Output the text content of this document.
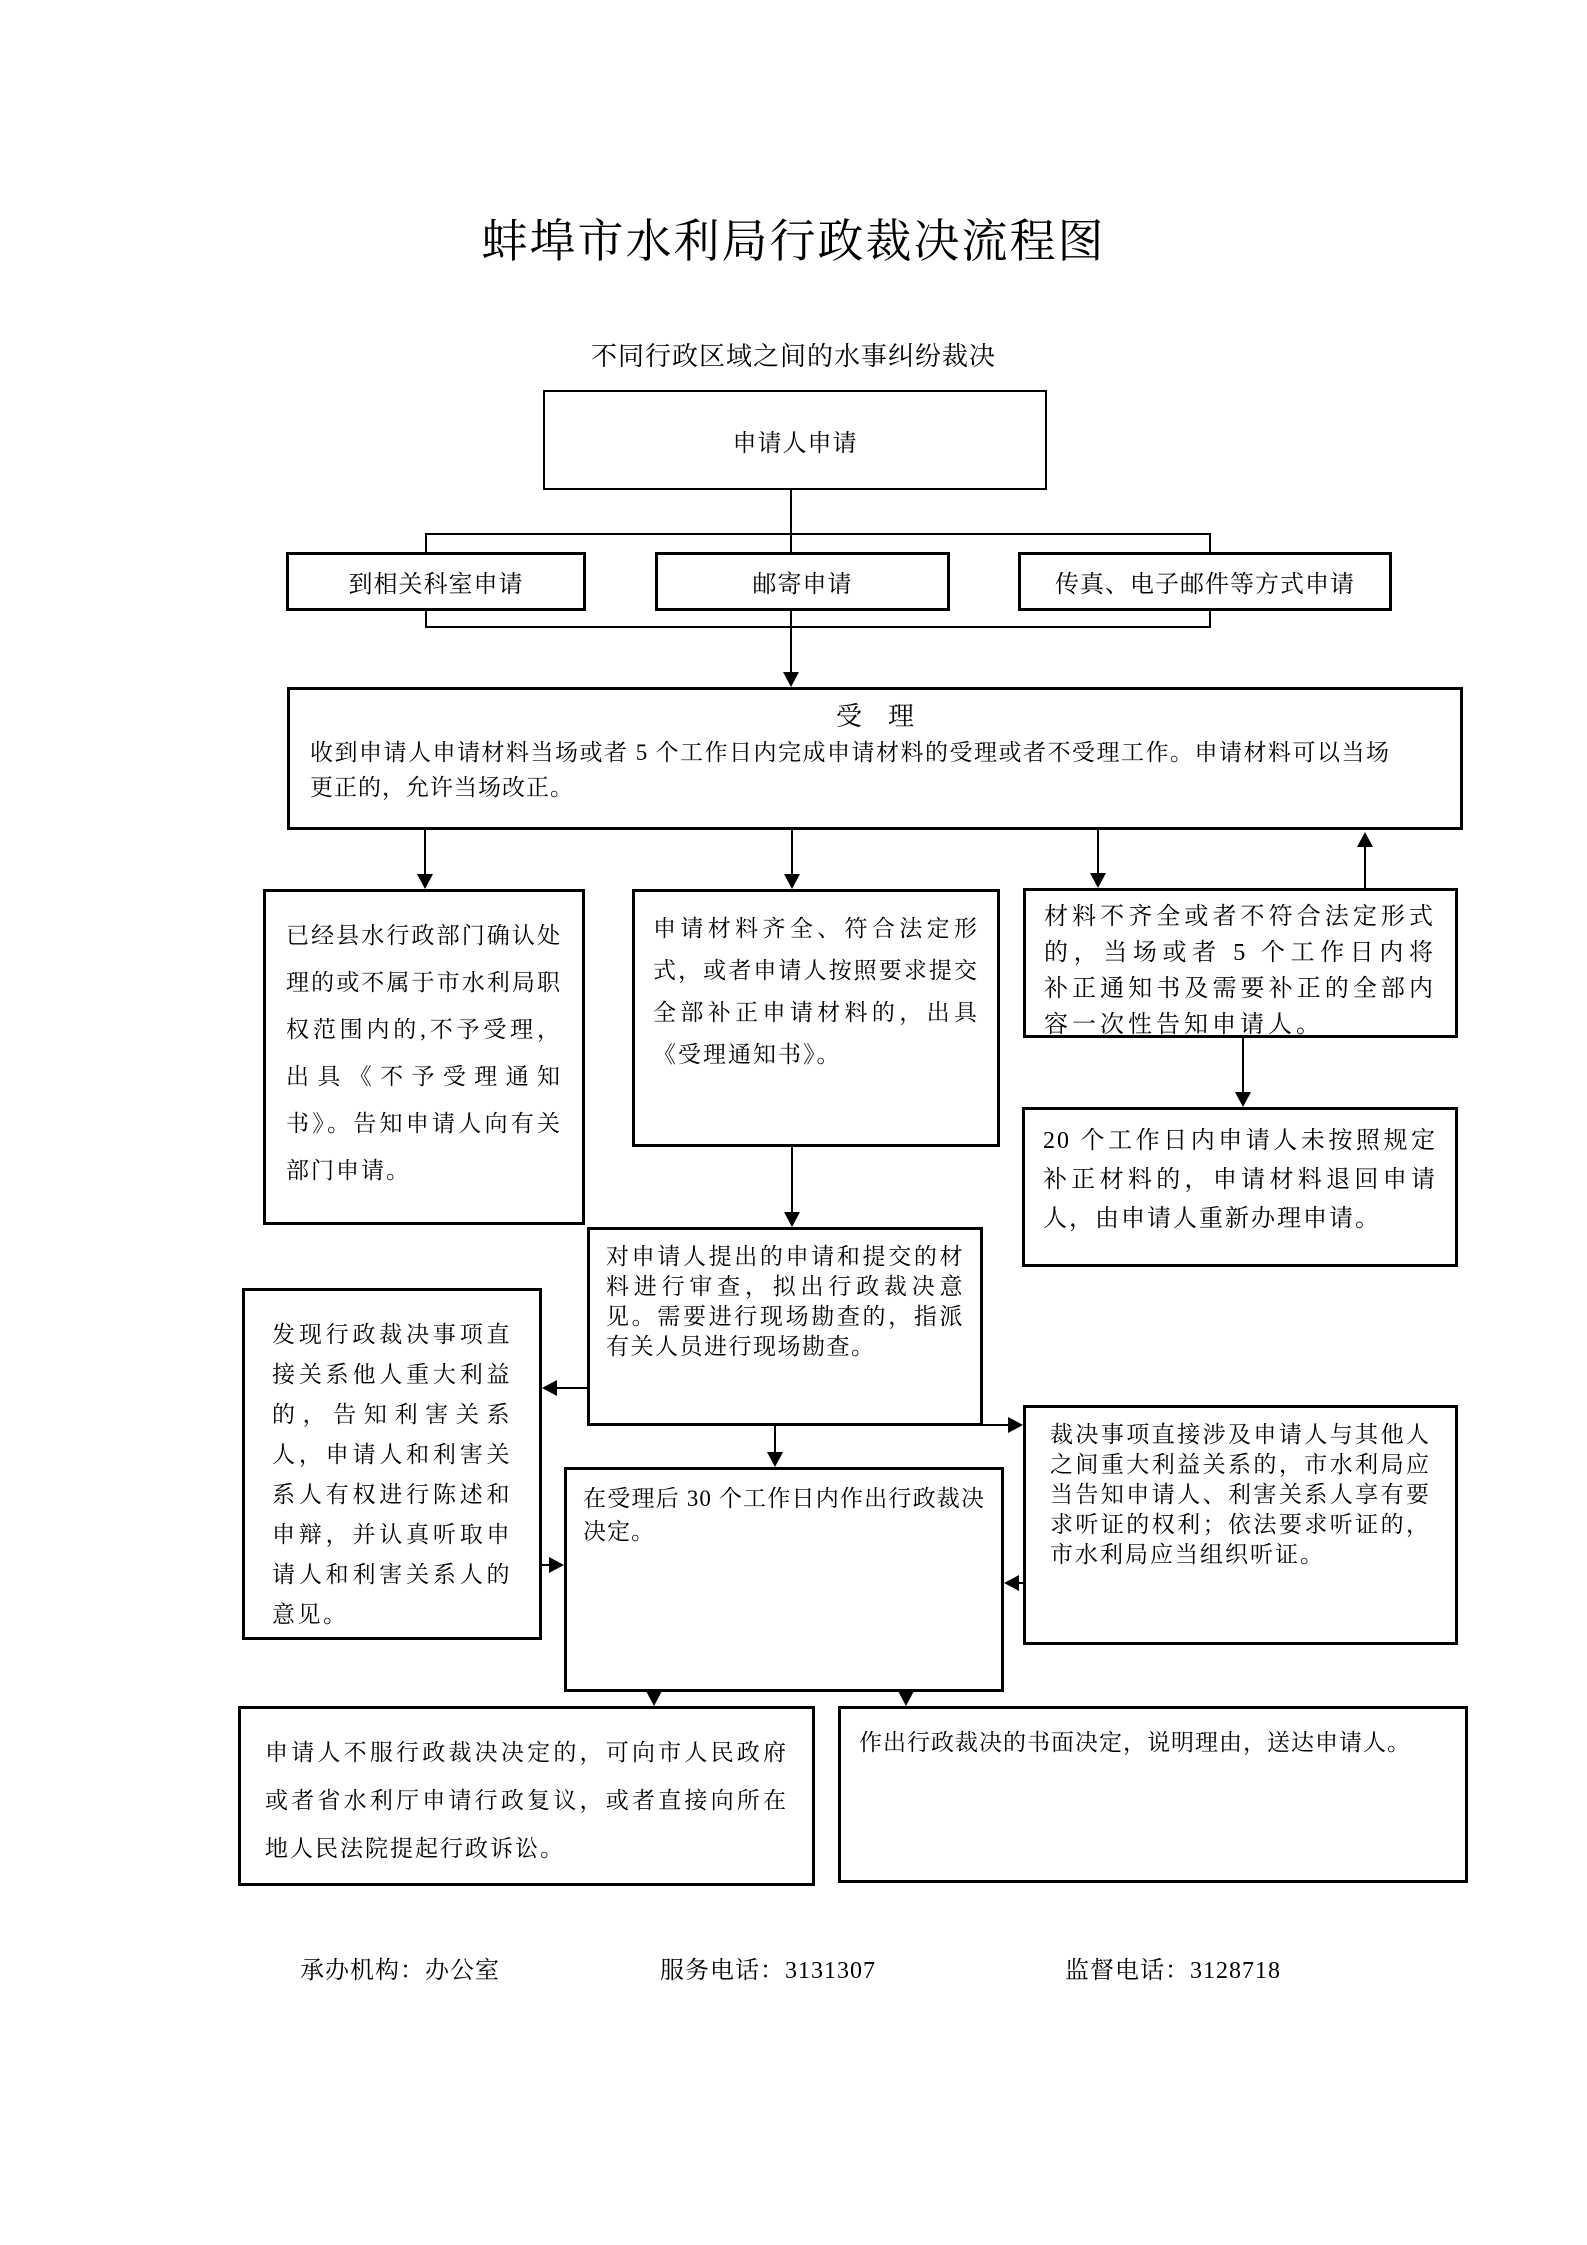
蚌埠市水利局行政裁决流程图
不同行政区域之间的水事纠纷裁决
申请人申请
到相关科室申请	邮寄申请	传真、电子邮件等方式申请
受　理
收到申请人申请材料当场或者 5 个工作日内完成申请材料的受理或者不受理工作。申请材料可以当场更正的，允许当场改正。
已经县水行政部门确认处理的或不属于市水利局职权范围内的,不予受理，出具《不予受理通知书》。告知申请人向有关部门申请。
申请材料齐全、符合法定形式，或者申请人按照要求提交全部补正申请材料的，出具《受理通知书》。
材料不齐全或者不符合法定形式的，当场或者 5 个工作日内将补正通知书及需要补正的全部内容一次性告知申请人。
20 个工作日内申请人未按照规定补正材料的，申请材料退回申请人，由申请人重新办理申请。
对申请人提出的申请和提交的材料进行审查，拟出行政裁决意见。需要进行现场勘查的，指派有关人员进行现场勘查。
发现行政裁决事项直接关系他人重大利益的，告知利害关系人，申请人和利害关系人有权进行陈述和申辩，并认真听取申请人和利害关系人的意见。
裁决事项直接涉及申请人与其他人之间重大利益关系的，市水利局应当告知申请人、利害关系人享有要求听证的权利；依法要求听证的，市水利局应当组织听证。
在受理后 30 个工作日内作出行政裁决决定。
申请人不服行政裁决决定的，可向市人民政府或者省水利厅申请行政复议，或者直接向所在地人民法院提起行政诉讼。
作出行政裁决的书面决定，说明理由，送达申请人。
承办机构：办公室	服务电话：3131307	监督电话：3128718
